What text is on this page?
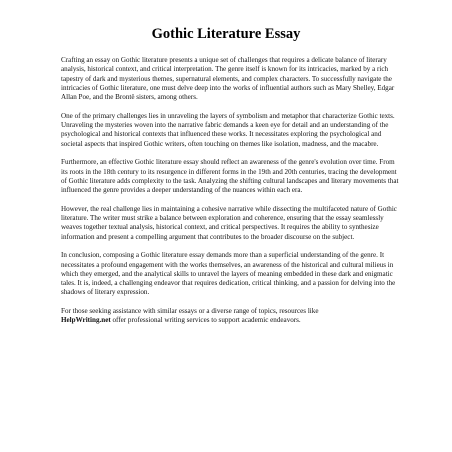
Gothic Literature Essay

Crafting an essay on Gothic literature presents a unique set of challenges that requires a delicate balance of literary analysis, historical context, and critical interpretation. The genre itself is known for its intricacies, marked by a rich tapestry of dark and mysterious themes, supernatural elements, and complex characters. To successfully navigate the intricacies of Gothic literature, one must delve deep into the works of influential authors such as Mary Shelley, Edgar Allan Poe, and the Brontë sisters, among others.

One of the primary challenges lies in unraveling the layers of symbolism and metaphor that characterize Gothic texts. Unraveling the mysteries woven into the narrative fabric demands a keen eye for detail and an understanding of the psychological and historical contexts that influenced these works. It necessitates exploring the psychological and societal aspects that inspired Gothic writers, often touching on themes like isolation, madness, and the macabre.

Furthermore, an effective Gothic literature essay should reflect an awareness of the genre's evolution over time. From its roots in the 18th century to its resurgence in different forms in the 19th and 20th centuries, tracing the development of Gothic literature adds complexity to the task. Analyzing the shifting cultural landscapes and literary movements that influenced the genre provides a deeper understanding of the nuances within each era.

However, the real challenge lies in maintaining a cohesive narrative while dissecting the multifaceted nature of Gothic literature. The writer must strike a balance between exploration and coherence, ensuring that the essay seamlessly weaves together textual analysis, historical context, and critical perspectives. It requires the ability to synthesize information and present a compelling argument that contributes to the broader discourse on the subject.

In conclusion, composing a Gothic literature essay demands more than a superficial understanding of the genre. It necessitates a profound engagement with the works themselves, an awareness of the historical and cultural milieus in which they emerged, and the analytical skills to unravel the layers of meaning embedded in these dark and enigmatic tales. It is, indeed, a challenging endeavor that requires dedication, critical thinking, and a passion for delving into the shadows of literary expression.

For those seeking assistance with similar essays or a diverse range of topics, resources like
HelpWriting.net offer professional writing services to support academic endeavors.
